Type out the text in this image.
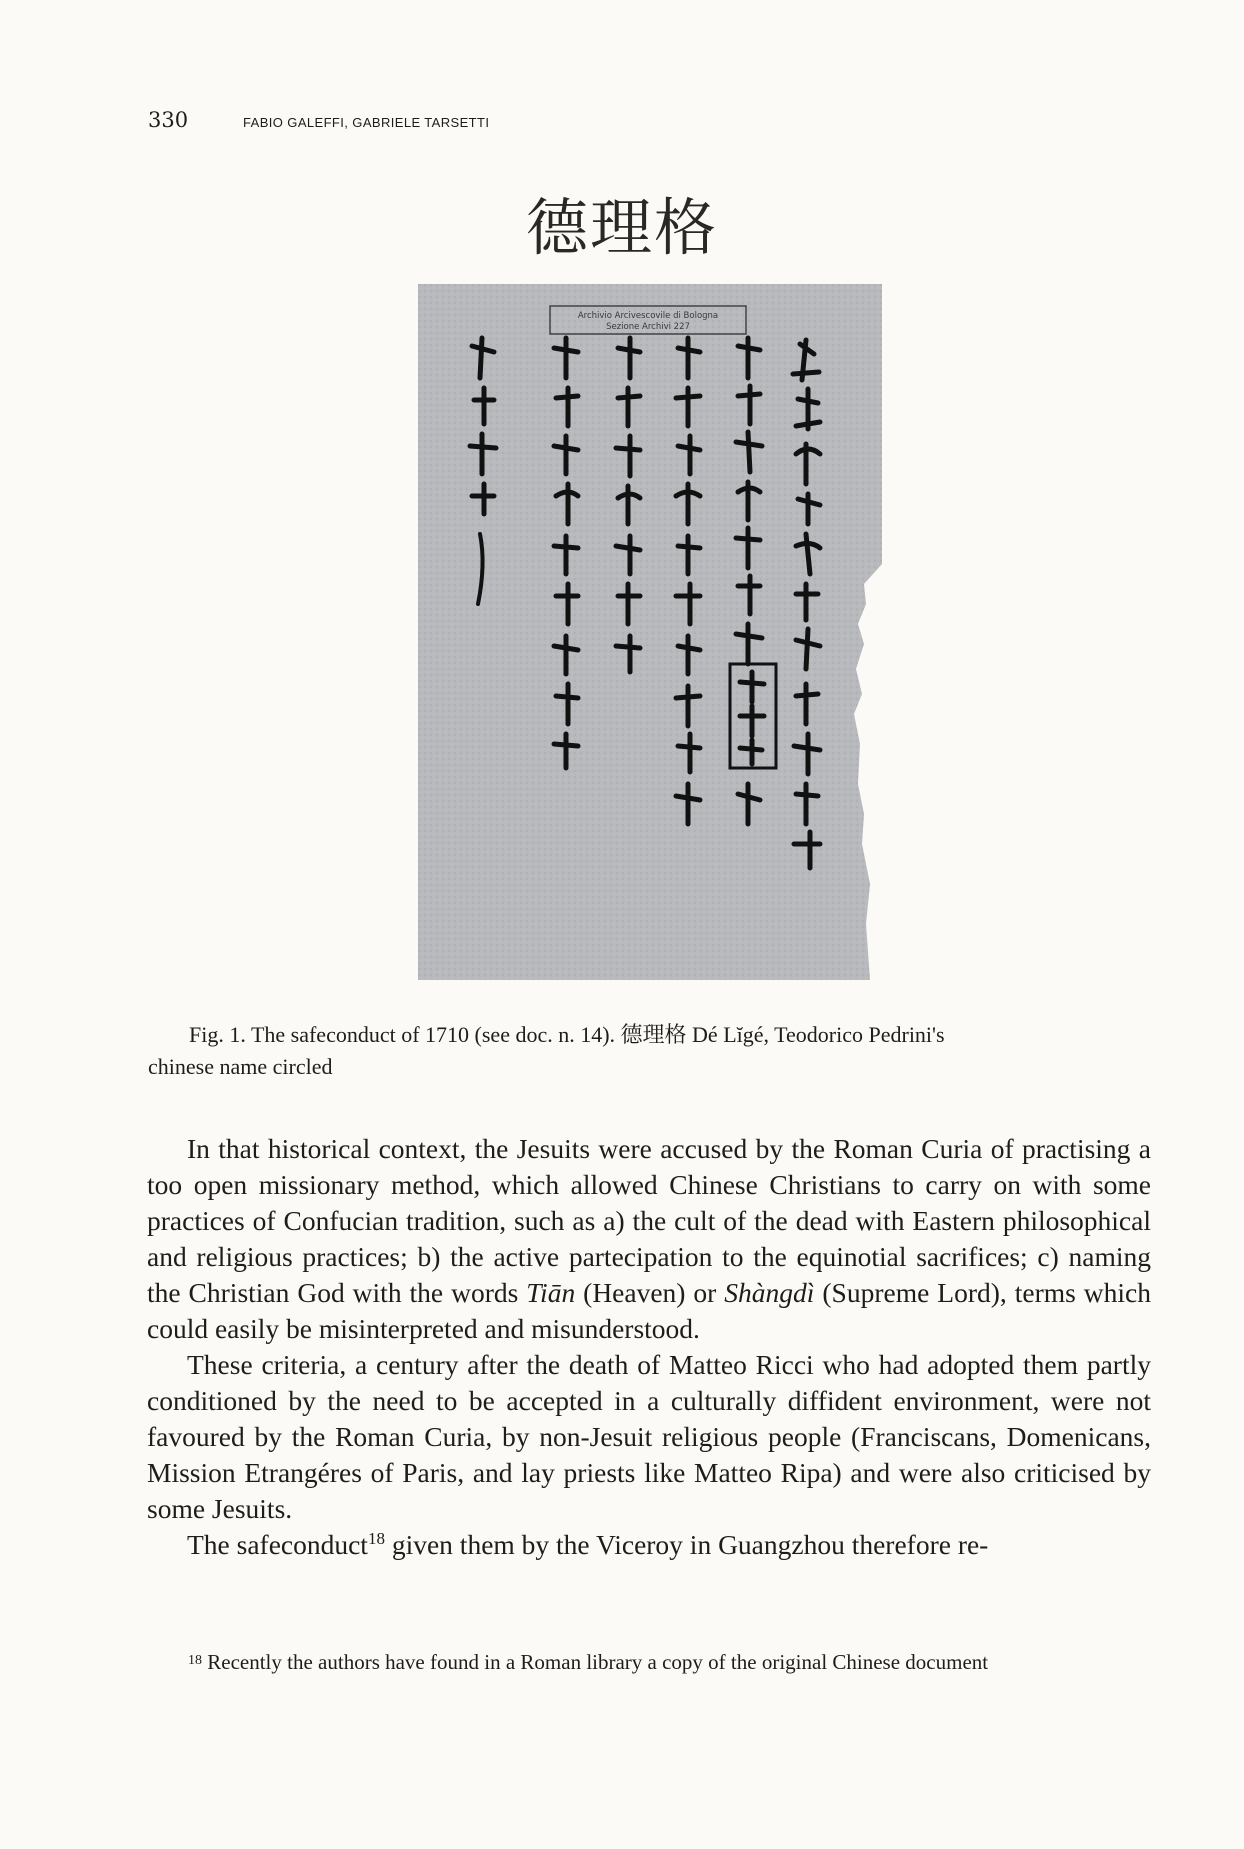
330	FABIO GALEFFI, GABRIELE TARSETTI
德理格
Archivio Arcivescovile di Bologna
Sezione Archivi 227
Fig. 1. The safeconduct of 1710 (see doc. n. 14). 德理格 Dé Lĭgé, Teodorico Pedrini's
chinese name circled

In that historical context, the Jesuits were accused by the Roman Curia of practising a too open missionary method, which allowed Chinese Christians to carry on with some practices of Confucian tradition, such as a) the cult of the dead with Eastern philosophical and religious practices; b) the active partecipation to the equinotial sacrifices; c) naming the Christian God with the words Tiān (Heaven) or Shàngdì (Supreme Lord), terms which could easily be misinterpreted and misunderstood.

These criteria, a century after the death of Matteo Ricci who had adopted them partly conditioned by the need to be accepted in a culturally diffident environment, were not favoured by the Roman Curia, by non-Jesuit religious people (Franciscans, Domenicans, Mission Etrangéres of Paris, and lay priests like Matteo Ripa) and were also criticised by some Jesuits.

The safeconduct$^{18}$ given them by the Viceroy in Guangzhou therefore re-

$^{18}$ Recently the authors have found in a Roman library a copy of the original Chinese document
